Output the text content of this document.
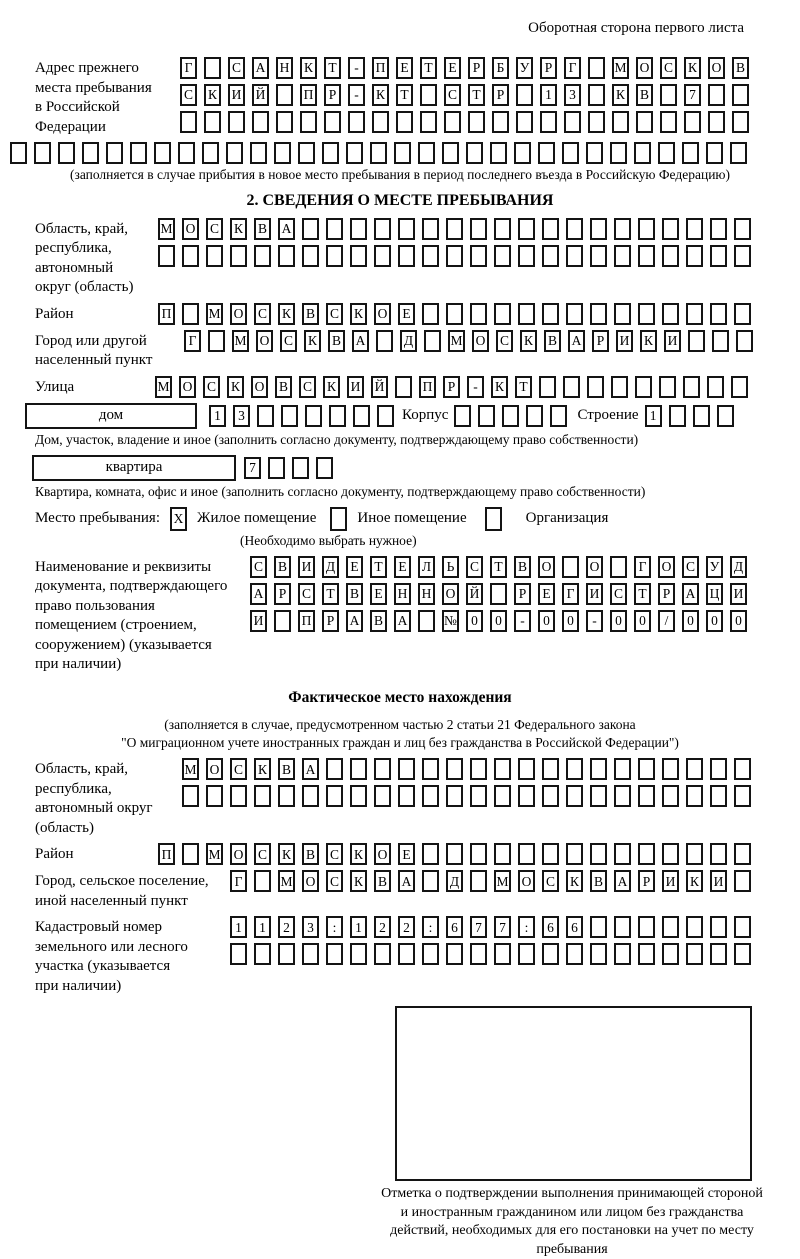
Оборотная сторона первого листа
Адрес прежнего
места пребывания
в Российской
Федерации
Г	С А Н К	Т	-	П	Е	Т	Е	Р	Б	У	Р	Г	М О С К О В
С К И Й	П	Р	-	К	Т	С	Т	Р	1	3	К В	7
(заполняется в случае прибытия в новое место пребывания в период последнего въезда в Российскую Федерацию)
2. СВЕДЕНИЯ О МЕСТЕ ПРЕБЫВАНИЯ
Область, край,
республика,
автономный
округ (область)
М О С К В А
Район	П	М О С К В С К О	Е
Город или другой
населенный пункт
Г	М О С К В А	Д	М О С К В А	Р	И К И
Улица	М О С К О В С К И Й	П	Р	-	К	Т
дом	1	3	Корпус	Строение 1
Дом, участок, владение и иное (заполнить согласно документу, подтверждающему право собственности)
квартира	7
Квартира, комната, офис и иное (заполнить согласно документу, подтверждающему право собственности)
Место пребывания: X Жилое помещение	Иное помещение	Организация
(Необходимо выбрать нужное)
Наименование и реквизиты
документа, подтверждающего
право пользования
помещением (строением,
сооружением) (указывается
при наличии)
С В И Д	Е	Т	Е	Л	Ь	С	Т	В О	О	Г	О С У Д
А	Р	С	Т	В	Е	Н Н О Й	Р	Е	Г	И С	Т	Р	А Ц И
И	П	Р	А В А	№	0	0	-	0	0	-	0	0	/	0	0	0
Фактическое место нахождения
(заполняется в случае, предусмотренном частью 2 статьи 21 Федерального закона
"О миграционном учете иностранных граждан и лиц без гражданства в Российской Федерации")
Область, край,
республика,
автономный округ
(область)
М О С К В А
Район	П	М О С К В С К О	Е
Город, сельское поселение,
иной населенный пункт
Г	М О С К В А	Д	М О С К В А	Р	И К И
Кадастровый номер
земельного или лесного
участка (указывается
при наличии)
1	1	2	3	:	1	2	2	:	6	7	7	:	6	6
Отметка о подтверждении выполнения принимающей стороной и иностранным гражданином или лицом без гражданства действий, необходимых для его постановки на учет по месту пребывания
